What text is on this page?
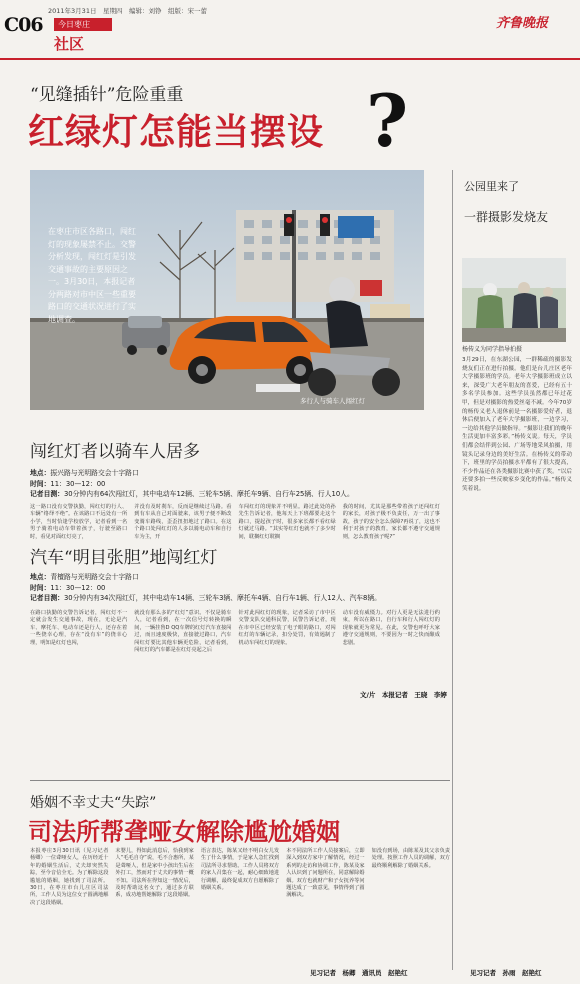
C06
2011年3月31日　星期四　编辑：刘铮　组版：宋一蕾
今日枣庄
社区
齐鲁晚报
“见缝插针”危险重重
红绿灯怎能当摆设 ?

在枣庄市区各路口，闯红灯的现象屡禁不止。交警分析发现，闯红灯是引发交通事故的主要原因之一。3月30日，本报记者分两路对市中区一些重要路口的交通状况进行了实地调查。

多行人与骑车人闯红灯
闯红灯者以骑车人居多
地点：振兴路与光明路交会十字路口
时间：11：30—12：00
记者目测：30分钟内有64次闯红灯，其中电动车12辆、三轮车5辆、摩托车9辆、自行车25辆、行人10人。
这一路口没有交警执勤，闯红灯的行人、车辆“络绎不绝”。在该路口不远处有一所小学，当时恰逢学校放学，记者看到一名男子骑着电动车带着孩子，行驶至路口时，看见对面红灯亮了，
并没有及时刹车，反而是继续过马路。看到有车从自己对面驶来，该男子便不断改变骑车路线，歪歪扭扭地过了路口。在这个路口处闯红灯的人多以骑电动车和自行车为主，开
车闯红灯的现象并不明显。路过此处的孙先生告诉记者，他每天上下班都要走这个路口，提起孩子时，很多家长都不看红绿灯就过马路。“其实等红灯也就不了多少时间，耽搁红灯耽搁
我的时间，尤其是那些带着孩子还闯红灯的家长，对孩子极不负责任，万一出了事故，孩子的安全怎么保障?再说了，这也不利于对孩子的教育，家长都不遵守交通规则，怎么教育孩子呢?”
汽车“明目张胆”地闯红灯
地点：青檀路与光明路交会十字路口
时间：11：30—12：00
记者目测：30分钟内有34次闯红灯，其中电动车14辆、三轮车3辆、摩托车4辆、自行车1辆、行人12人、汽车8辆。
在路口执勤的交警告诉记者，闯红灯不一定就会发生交通事故，现在，无论是汽车、摩托车、电动车还是行人，还存在着一些侥幸心理，存在“没有车”的侥幸心理，明知是红灯也闯，
就没有那么多的“红灯”意识。不仅是骑车人，记者看到，在一次信号灯转换的瞬间，一辆挂鲁D QQ车牌的红灯汽车直接闯过，而且速度极快，直接驶过路口，汽车闯红灯要比其他车辆更危险，记者看到，闯红灯的汽车都是在红灯亮起之后
针对此闯红灯的现象，记者采访了市中区交警支队交通科民警，民警告诉记者，现在市中区已经安装了电子眼的路口，对闯红灯的车辆记录，扣分处罚，有效遏制了机动车闯红灯的现象。
动车没有威慑力。对行人更是无法进行约束，所以在路口，自行车和行人闯红灯的现象就更为常见。在此，交警也呼吁大家遵守交通规则，不要因为一时之快而酿成悲剧。
文/片　本报记者　王晓　李婷
婚姻不幸丈夫“失踪”
司法所帮聋哑女解除尴尬婚姻
本报枣庄3月30日讯（见习记者　杨卿）一位聋哑女人，在历经近十年的婚姻生活后，丈夫却突然失踪，至今音信全无。为了解除这段尴尬的婚姻，她找到了司法所。30日，在枣庄市台儿庄区司法所，工作人员为这位女子圆满地解决了这段婚姻。
末婴儿，得知此消息后，恰我到家人“毛毛自夺”说，毛不合惠所，某是聋哑人，但是家中小孩出生后在外打工，然而对于丈夫的事情一概不知。司法所在得知这一情况后，及时帮助这名女子，通过多方联系，成功地帮她解除了这段婚姻。
语言表达，陈某又经不明白女儿发生了什么事情，于是家人急忙找到司法所寻求帮助。工作人员将双方的家人召集在一起，耐心细致地进行调解，最终促成双方自愿解除了婚姻关系。
本不同法所工作人员接案后，立即深入到双方家中了解情况，经过一系列的走访和协调工作，陈某及家人认识到了问题所在，同意解除婚姻。双方也就财产和子女抚养等问题达成了一致意见，事情得到了圆满解决。
如没有到场，由陈某及其父亲负责处理。按照工作人员的调解，双方最终顺利解除了婚姻关系。
见习记者　杨卿　通讯员　赵艳红
公园里来了
一群摄影发烧友
杨传义为同学指导拍摄
3月29日，在东湖公园，一群稀疏的摄影发烧友们正在进行拍摄。他们是台儿庄区老年大学摄影班的学员。老年大学摄影班成立以来，深受广大老年朋友的喜爱，已经有五十多名学员参加。这些学员虽然都已年过花甲，但是对摄影的热爱丝毫不减。今年70岁的杨传义老人退休前是一名摄影爱好者，退休后便加入了老年大学摄影班，一边学习，一边给其他学员做指导。“摄影让我们的晚年生活更加丰富多彩。”杨传义说。每天，学员们都会结伴到公园、广场等地采风拍摄，用镜头记录身边的美好生活。在杨传义的带动下，班里的学员拍摄水平都有了很大提高，不少作品还在各类摄影比赛中获了奖。“以后还要多拍一些反映家乡变化的作品。”杨传义笑着说。
见习记者　孙雨　赵艳红
